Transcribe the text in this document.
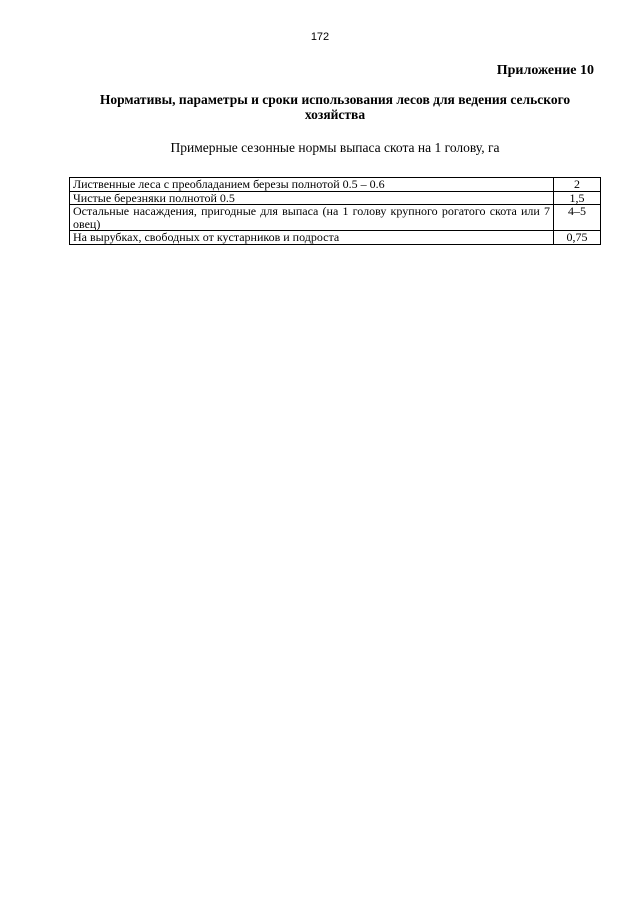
172
Приложение 10
Нормативы, параметры и сроки использования лесов для ведения сельского хозяйства
Примерные сезонные нормы выпаса скота на 1 голову, га
Лиственные леса с преобладанием березы полнотой 0.5 – 0.6	2
Чистые березняки полнотой 0.5	1,5
Остальные насаждения, пригодные для выпаса (на 1 голову крупного рогатого скота или 7 овец)	4–5
На вырубках, свободных от кустарников и подроста	0,75
